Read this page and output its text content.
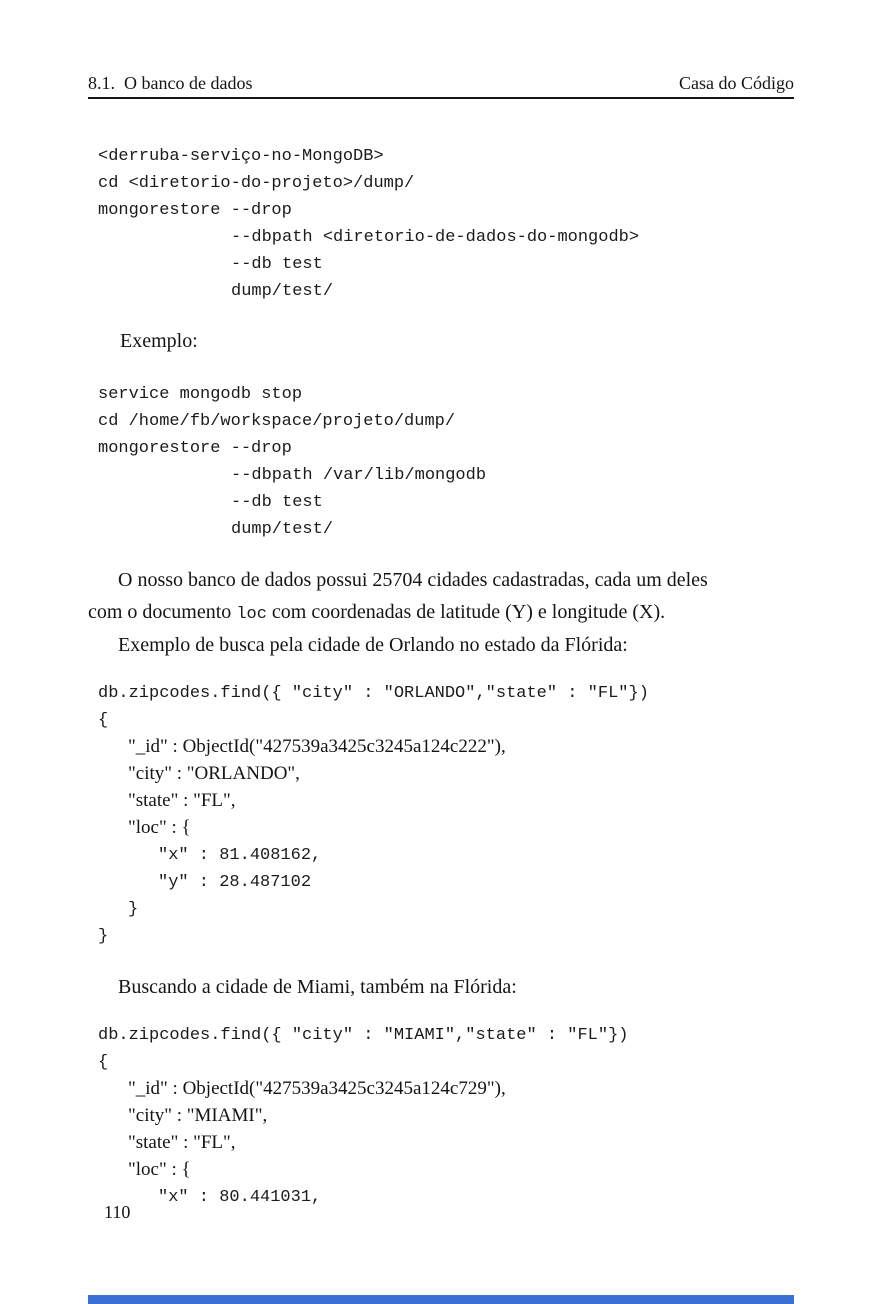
8.1.  O banco de dados	Casa do Código
<derruba-serviço-no-MongoDB>
cd <diretorio-do-projeto>/dump/
mongorestore --drop
--dbpath <diretorio-de-dados-do-mongodb>
--db test
dump/test/
Exemplo:
service mongodb stop
cd /home/fb/workspace/projeto/dump/
mongorestore --drop
--dbpath /var/lib/mongodb
--db test
dump/test/
O nosso banco de dados possui 25704 cidades cadastradas, cada um deles
com o documento loc com coordenadas de latitude (Y) e longitude (X).
Exemplo de busca pela cidade de Orlando no estado da Flórida:
db.zipcodes.find({ "city" : "ORLANDO","state" : "FL"})
{
"_id" : ObjectId("427539a3425c3245a124c222"),
"city" : "ORLANDO",
"state" : "FL",
"loc" : {
"x" : 81.408162,
"y" : 28.487102
}
}
Buscando a cidade de Miami, também na Flórida:
db.zipcodes.find({ "city" : "MIAMI","state" : "FL"})
{
"_id" : ObjectId("427539a3425c3245a124c729"),
"city" : "MIAMI",
"state" : "FL",
"loc" : {
"x" : 80.441031,
110
